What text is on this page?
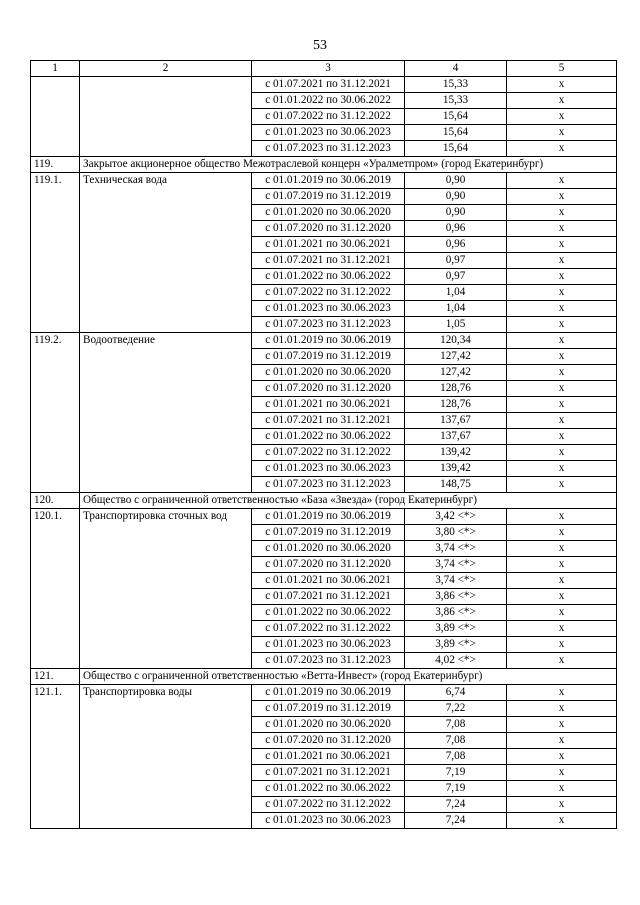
53
1	2	3	4	5
		с 01.07.2021 по 31.12.2021	15,33	х
		с 01.01.2022 по 30.06.2022	15,33	х
		с 01.07.2022 по 31.12.2022	15,64	х
		с 01.01.2023 по 30.06.2023	15,64	х
		с 01.07.2023 по 31.12.2023	15,64	х
119.	Закрытое акционерное общество Межотраслевой концерн «Уралметпром» (город Екатеринбург)			
119.1.	Техническая вода	с 01.01.2019 по 30.06.2019	0,90	х
		с 01.07.2019 по 31.12.2019	0,90	х
		с 01.01.2020 по 30.06.2020	0,90	х
		с 01.07.2020 по 31.12.2020	0,96	х
		с 01.01.2021 по 30.06.2021	0,96	х
		с 01.07.2021 по 31.12.2021	0,97	х
		с 01.01.2022 по 30.06.2022	0,97	х
		с 01.07.2022 по 31.12.2022	1,04	х
		с 01.01.2023 по 30.06.2023	1,04	х
		с 01.07.2023 по 31.12.2023	1,05	х
119.2.	Водоотведение	с 01.01.2019 по 30.06.2019	120,34	х
		с 01.07.2019 по 31.12.2019	127,42	х
		с 01.01.2020 по 30.06.2020	127,42	х
		с 01.07.2020 по 31.12.2020	128,76	х
		с 01.01.2021 по 30.06.2021	128,76	х
		с 01.07.2021 по 31.12.2021	137,67	х
		с 01.01.2022 по 30.06.2022	137,67	х
		с 01.07.2022 по 31.12.2022	139,42	х
		с 01.01.2023 по 30.06.2023	139,42	х
		с 01.07.2023 по 31.12.2023	148,75	х
120.	Общество с ограниченной ответственностью «База «Звезда» (город Екатеринбург)			
120.1.	Транспортировка сточных вод	с 01.01.2019 по 30.06.2019	3,42 <*>	х
		с 01.07.2019 по 31.12.2019	3,80 <*>	х
		с 01.01.2020 по 30.06.2020	3,74 <*>	х
		с 01.07.2020 по 31.12.2020	3,74 <*>	х
		с 01.01.2021 по 30.06.2021	3,74 <*>	х
		с 01.07.2021 по 31.12.2021	3,86 <*>	х
		с 01.01.2022 по 30.06.2022	3,86 <*>	х
		с 01.07.2022 по 31.12.2022	3,89 <*>	х
		с 01.01.2023 по 30.06.2023	3,89 <*>	х
		с 01.07.2023 по 31.12.2023	4,02 <*>	х
121.	Общество с ограниченной ответственностью «Ветта-Инвест» (город Екатеринбург)			
121.1.	Транспортировка воды	с 01.01.2019 по 30.06.2019	6,74	х
		с 01.07.2019 по 31.12.2019	7,22	х
		с 01.01.2020 по 30.06.2020	7,08	х
		с 01.07.2020 по 31.12.2020	7,08	х
		с 01.01.2021 по 30.06.2021	7,08	х
		с 01.07.2021 по 31.12.2021	7,19	х
		с 01.01.2022 по 30.06.2022	7,19	х
		с 01.07.2022 по 31.12.2022	7,24	х
		с 01.01.2023 по 30.06.2023	7,24	х
